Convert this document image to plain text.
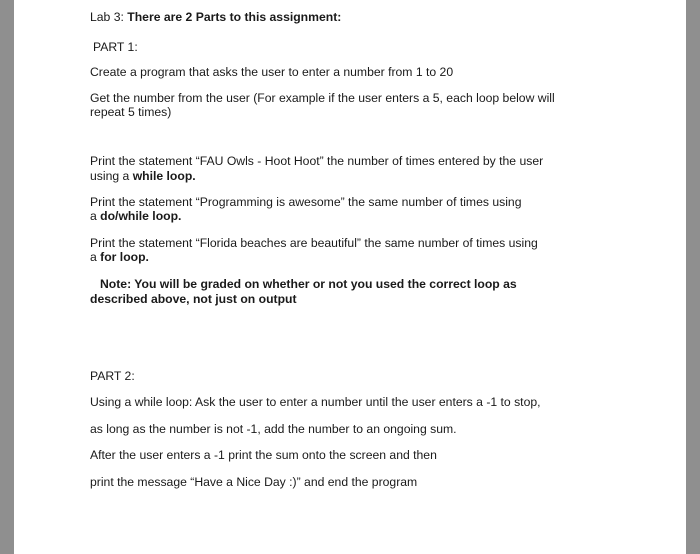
Lab 3: There are 2 Parts to this assignment:
PART 1:
Create a program that asks the user to enter a number from 1 to 20
Get the number from the user (For example if the user enters a 5, each loop below will
repeat 5 times)
Print the statement “FAU Owls - Hoot Hoot” the number of times entered by the user
using a while loop.
Print the statement “Programming is awesome” the same number of times using
a do/while loop.
Print the statement “Florida beaches are beautiful” the same number of times using
a for loop.
Note: You will be graded on whether or not you used the correct loop as
described above, not just on output
PART 2:
Using a while loop: Ask the user to enter a number until the user enters a -1 to stop,
as long as the number is not -1, add the number to an ongoing sum.
After the user enters a -1 print the sum onto the screen and then
print the message “Have a Nice Day :)” and end the program
